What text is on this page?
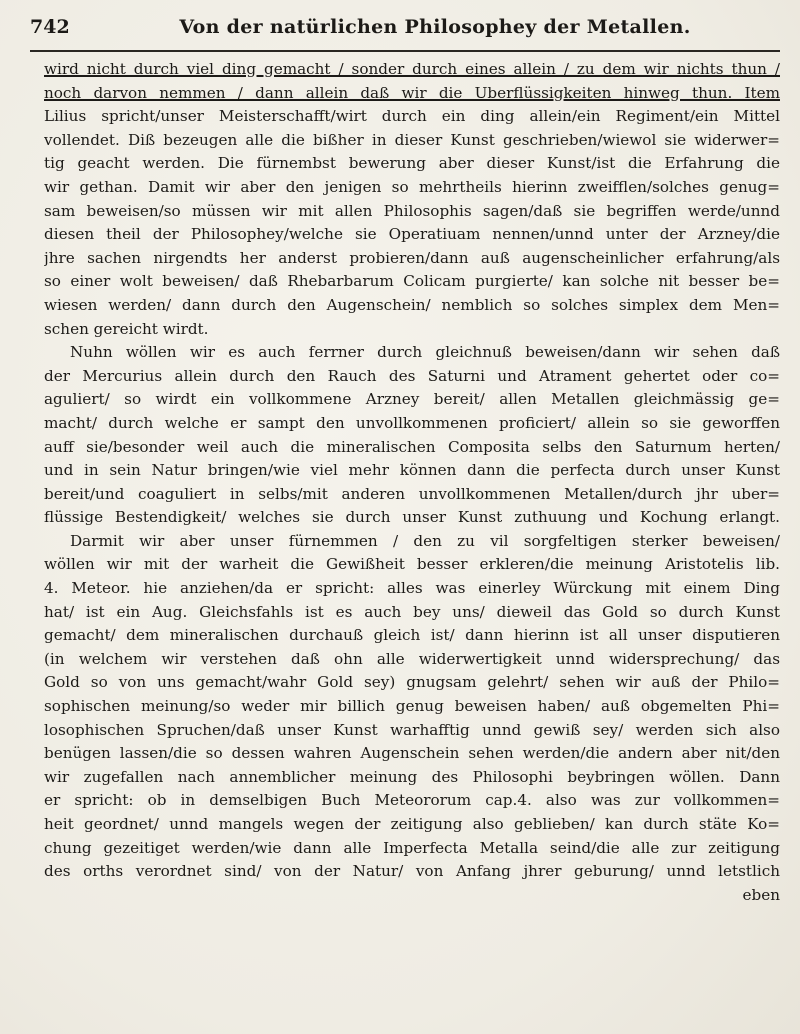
742	Von der natürlichen Philosophey der Metallen.
wird nicht durch viel ding gemacht / sonder durch eines allein / zu dem wir nichts thun /
noch darvon nemmen / dann allein daß wir die Uberflüssigkeiten hinweg thun. Item
Lilius spricht/unser Meisterschafft/wirt durch ein ding allein/ein Regiment/ein Mittel
vollendet. Diß bezeugen alle die bißher in dieser Kunst geschrieben/wiewol sie widerwer=
tig geacht werden. Die fürnembst bewerung aber dieser Kunst/ist die Erfahrung die
wir gethan. Damit wir aber den jenigen so mehrtheils hierinn zweifflen/solches genug=
sam beweisen/so müssen wir mit allen Philosophis sagen/daß sie begriffen werde/unnd
diesen theil der Philosophey/welche sie Operatiuam nennen/unnd unter der Arzney/die
jhre sachen nirgendts her anderst probieren/dann auß augenscheinlicher erfahrung/als
so einer wolt beweisen/ daß Rhebarbarum Colicam purgierte/ kan solche nit besser be=
wiesen werden/ dann durch den Augenschein/ nemblich so solches simplex dem Men=
schen gereicht wirdt.
Nuhn wöllen wir es auch ferrner durch gleichnuß beweisen/dann wir sehen daß
der Mercurius allein durch den Rauch des Saturni und Atrament gehertet oder co=
aguliert/ so wirdt ein vollkommene Arzney bereit/ allen Metallen gleichmässig ge=
macht/ durch welche er sampt den unvollkommenen proficiert/ allein so sie geworffen
auff sie/besonder weil auch die mineralischen Composita selbs den Saturnum herten/
und in sein Natur bringen/wie viel mehr können dann die perfecta durch unser Kunst
bereit/und coaguliert in selbs/mit anderen unvollkommenen Metallen/durch jhr uber=
flüssige Bestendigkeit/ welches sie durch unser Kunst zuthuung und Kochung erlangt.
Darmit wir aber unser fürnemmen / den zu vil sorgfeltigen sterker beweisen/
wöllen wir mit der warheit die Gewißheit besser erkleren/die meinung Aristotelis lib.
4. Meteor. hie anziehen/da er spricht: alles was einerley Würckung mit einem Ding
hat/ ist ein Aug. Gleichsfahls ist es auch bey uns/ dieweil das Gold so durch Kunst
gemacht/ dem mineralischen durchauß gleich ist/ dann hierinn ist all unser disputieren
(in welchem wir verstehen daß ohn alle widerwertigkeit unnd widersprechung/ das
Gold so von uns gemacht/wahr Gold sey) gnugsam gelehrt/ sehen wir auß der Philo=
sophischen meinung/so weder mir billich genug beweisen haben/ auß obgemelten Phi=
losophischen Spruchen/daß unser Kunst warhafftig unnd gewiß sey/ werden sich also
benügen lassen/die so dessen wahren Augenschein sehen werden/die andern aber nit/den
wir zugefallen nach annemblicher meinung des Philosophi beybringen wöllen. Dann
er spricht: ob in demselbigen Buch Meteororum cap.4. also was zur vollkommen=
heit geordnet/ unnd mangels wegen der zeitigung also geblieben/ kan durch stäte Ko=
chung gezeitiget werden/wie dann alle Imperfecta Metalla seind/die alle zur zeitigung
des orths verordnet sind/ von der Natur/ von Anfang jhrer geburung/ unnd letstlich
eben
